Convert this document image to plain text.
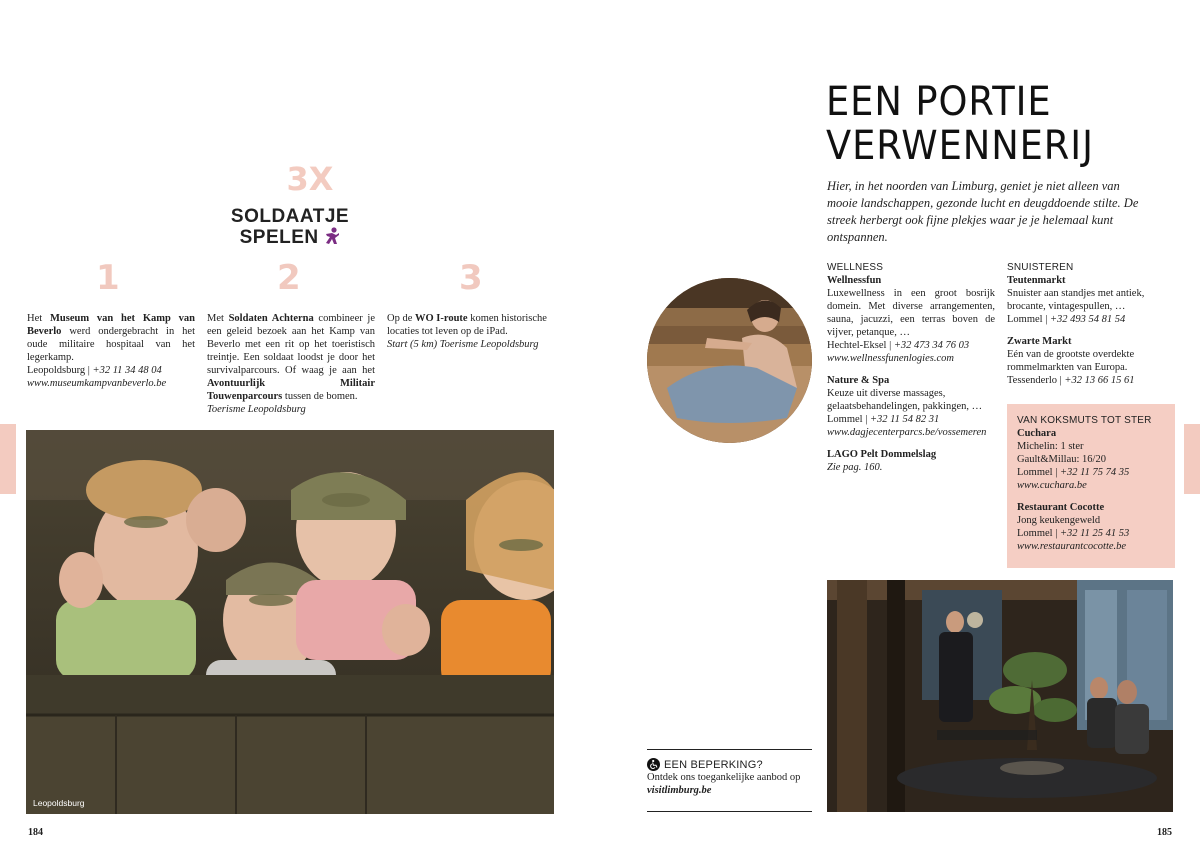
3X
SOLDAATJE
SPELEN
1	2	3
Het Museum van het Kamp van Beverlo werd ondergebracht in het oude militaire hospitaal van het legerkamp.
Leopoldsburg | +32 11 34 48 04
www.museumkampvanbeverlo.be
Met Soldaten Achterna combineer je een geleid bezoek aan het Kamp van Beverlo met een rit op het toeristisch treintje. Een soldaat loodst je door het survivalparcours. Of waag je aan het Avontuurlijk Militair Touwenparcours tussen de bomen.
Toerisme Leopoldsburg
Op de WO I-route komen historische locaties tot leven op de iPad.
Start (5 km) Toerisme Leopoldsburg
Leopoldsburg
184
EEN PORTIE
VERWENNERIJ
Hier, in het noorden van Limburg, geniet je niet alleen van mooie landschappen, gezonde lucht en deugddoende stilte. De streek herbergt ook fijne plekjes waar je je helemaal kunt ontspannen.
WELLNESS
Wellnessfun
Luxewellness in een groot bosrijk domein. Met diverse arrangementen, sauna, jacuzzi, een terras boven de vijver, petanque, …
Hechtel-Eksel | +32 473 34 76 03
www.wellnessfunenlogies.com
Nature & Spa
Keuze uit diverse massages, gelaatsbehandelingen, pakkingen, …
Lommel | +32 11 54 82 31
www.dagjecenterparcs.be/vossemeren
LAGO Pelt Dommelslag
Zie pag. 160.
SNUISTEREN
Teutenmarkt
Snuister aan standjes met antiek, brocante, vintagespullen, …
Lommel | +32 493 54 81 54
Zwarte Markt
Eén van de grootste overdekte rommelmarkten van Europa.
Tessenderlo | +32 13 66 15 61
VAN KOKSMUTS TOT STER
Cuchara
Michelin: 1 ster
Gault&Millau: 16/20
Lommel | +32 11 75 74 35
www.cuchara.be
Restaurant Cocotte
Jong keukengeweld
Lommel | +32 11 25 41 53
www.restaurantcocotte.be
EEN BEPERKING?
Ontdek ons toegankelijke aanbod op
visitlimburg.be
185
